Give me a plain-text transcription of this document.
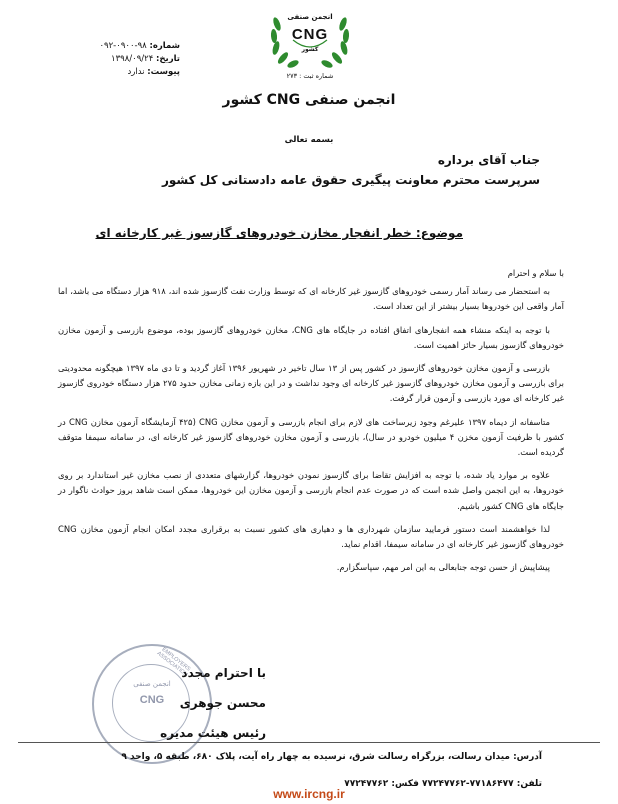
شماره: ۹۸-۰۹۰۰-۰۹۲
تاریخ: ۱۳۹۸/۰۹/۲۴
پیوست: ندارد
انجمن صنفی
CNG
کشور
شماره ثبت : ۲۷۳
انجمن صنفی CNG کشور
بسمه تعالی
جناب آقای برداره
سرپرست محترم معاونت پیگیری حقوق عامه دادستانی کل کشور
موضوع: خطر انفجار مخازن خودروهای گازسوز غیر کارخانه ای

با سلام و احترام

به استحضار می رساند آمار رسمی خودروهای گازسوز غیر کارخانه ای که توسط وزارت نفت گازسوز شده اند، ۹۱۸ هزار دستگاه می باشد، اما آمار واقعی این خودروها بسیار بیشتر از این تعداد است.

با توجه به اینکه منشاء همه انفجارهای اتفاق افتاده در جایگاه های CNG، مخازن خودروهای گازسوز بوده، موضوع بازرسی و آزمون مخازن خودروهای گازسوز بسیار حائز اهمیت است.

بازرسی و آزمون مخازن خودروهای گازسوز در کشور پس از ۱۳ سال تاخیر در شهریور ۱۳۹۶ آغاز گردید و تا دی ماه ۱۳۹۷ هیچگونه محدودیتی برای بازرسی و آزمون مخازن خودروهای گازسوز غیر کارخانه ای وجود نداشت و در این بازه زمانی مخازن حدود ۲۷۵ هزار دستگاه خودروی گازسوز غیر کارخانه ای مورد بازرسی و آزمون قرار گرفت.

متاسفانه از دیماه ۱۳۹۷ علیرغم وجود زیرساخت های لازم برای انجام بازرسی و آزمون مخازن CNG (۴۲۵ آزمایشگاه آزمون مخازن CNG در کشور با ظرفیت آزمون مخزن ۴ میلیون خودرو در سال)، بازرسی و آزمون مخازن خودروهای گازسوز غیر کارخانه ای، در سامانه سیمفا متوقف گردیده است.

علاوه بر موارد یاد شده، با توجه به افزایش تقاضا برای گازسوز نمودن خودروها، گزارشهای متعددی از نصب مخازن غیر استاندارد بر روی خودروها، به این انجمن واصل شده است که در صورت عدم انجام بازرسی و آزمون مخازن این خودروها، ممکن است شاهد بروز حوادث ناگوار در جایگاه های CNG کشور باشیم.

لذا خواهشمند است دستور فرمایید سازمان شهرداری ها و دهیاری های کشور نسبت به برقراری مجدد امکان انجام آزمون مخازن CNG خودروهای گازسوز غیر کارخانه ای در سامانه سیمفا، اقدام نماید.

پیشاپیش از حسن توجه جنابعالی به این امر مهم، سپاسگزارم.

EMPLOYERS ASSOCIATION
انجمن صنفی
CNG
با احترام مجدد
محسن جوهری
رئیس هیئت مدیره
آدرس: میدان رسالت، بزرگراه رسالت شرق، نرسیده به چهار راه آیت، پلاک ۶۸۰، طبقه ۵، واحد ۹
تلفن: ۷۷۱۸۶۴۷۷-۷۷۲۴۷۷۶۲ فکس: ۷۷۲۴۷۷۶۲
www.ircng.ir
